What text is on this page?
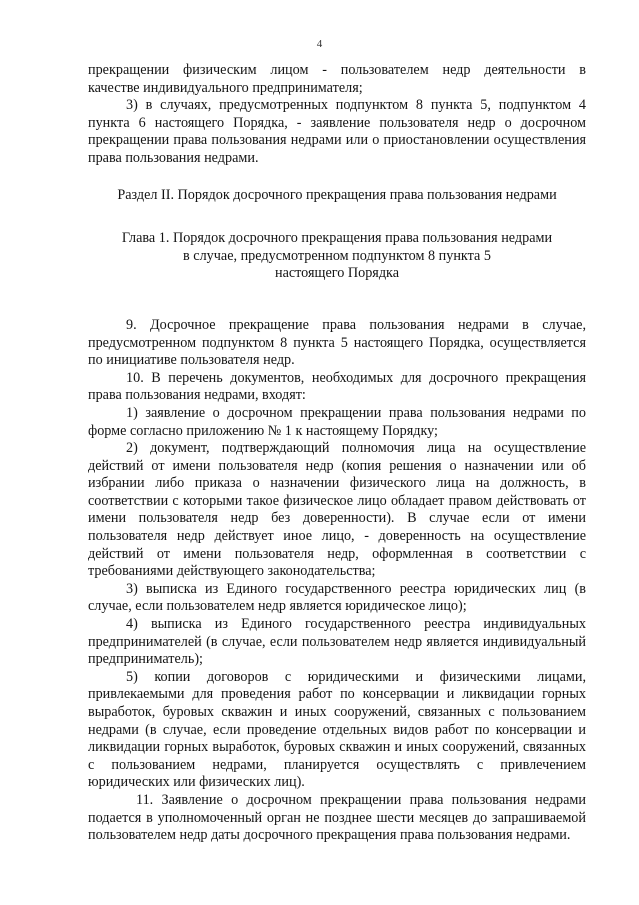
4

прекращении физическим лицом - пользователем недр деятельности в

качестве индивидуального предпринимателя;

3) в случаях, предусмотренных подпунктом 8 пункта 5, подпунктом 4 пункта 6 настоящего Порядка, - заявление пользователя недр о досрочном прекращении права пользования недрами или о приостановлении осуществления права пользования недрами.

Раздел II. Порядок досрочного прекращения права пользования недрами

Глава 1. Порядок досрочного прекращения права пользования недрами
в случае, предусмотренном подпунктом 8 пункта 5
настоящего Порядка

9. Досрочное прекращение права пользования недрами в случае, предусмотренном подпунктом 8 пункта 5 настоящего Порядка, осуществляется по инициативе пользователя недр.

10. В перечень документов, необходимых для досрочного прекращения права пользования недрами, входят:

1) заявление о досрочном прекращении права пользования недрами по форме согласно приложению № 1 к настоящему Порядку;

2) документ, подтверждающий полномочия лица на осуществление действий от имени пользователя недр (копия решения о назначении или об избрании либо приказа о назначении физического лица на должность, в соответствии с которыми такое физическое лицо обладает правом действовать от имени пользователя недр без доверенности). В случае если от имени пользователя недр действует иное лицо, - доверенность на осуществление действий от имени пользователя недр, оформленная в соответствии с требованиями действующего законодательства;

3) выписка из Единого государственного реестра юридических лиц (в случае, если пользователем недр является юридическое лицо);

4) выписка из Единого государственного реестра индивидуальных предпринимателей (в случае, если пользователем недр является индивидуальный предприниматель);

5) копии договоров с юридическими и физическими лицами, привлекаемыми для проведения работ по консервации и ликвидации горных выработок, буровых скважин и иных сооружений, связанных с пользованием недрами (в случае, если проведение отдельных видов работ по консервации и ликвидации горных выработок, буровых скважин и иных сооружений, связанных с пользованием недрами, планируется осуществлять с привлечением юридических или физических лиц).

11. Заявление о досрочном прекращении права пользования недрами подается в уполномоченный орган не позднее шести месяцев до запрашиваемой пользователем недр даты досрочного прекращения права пользования недрами.
